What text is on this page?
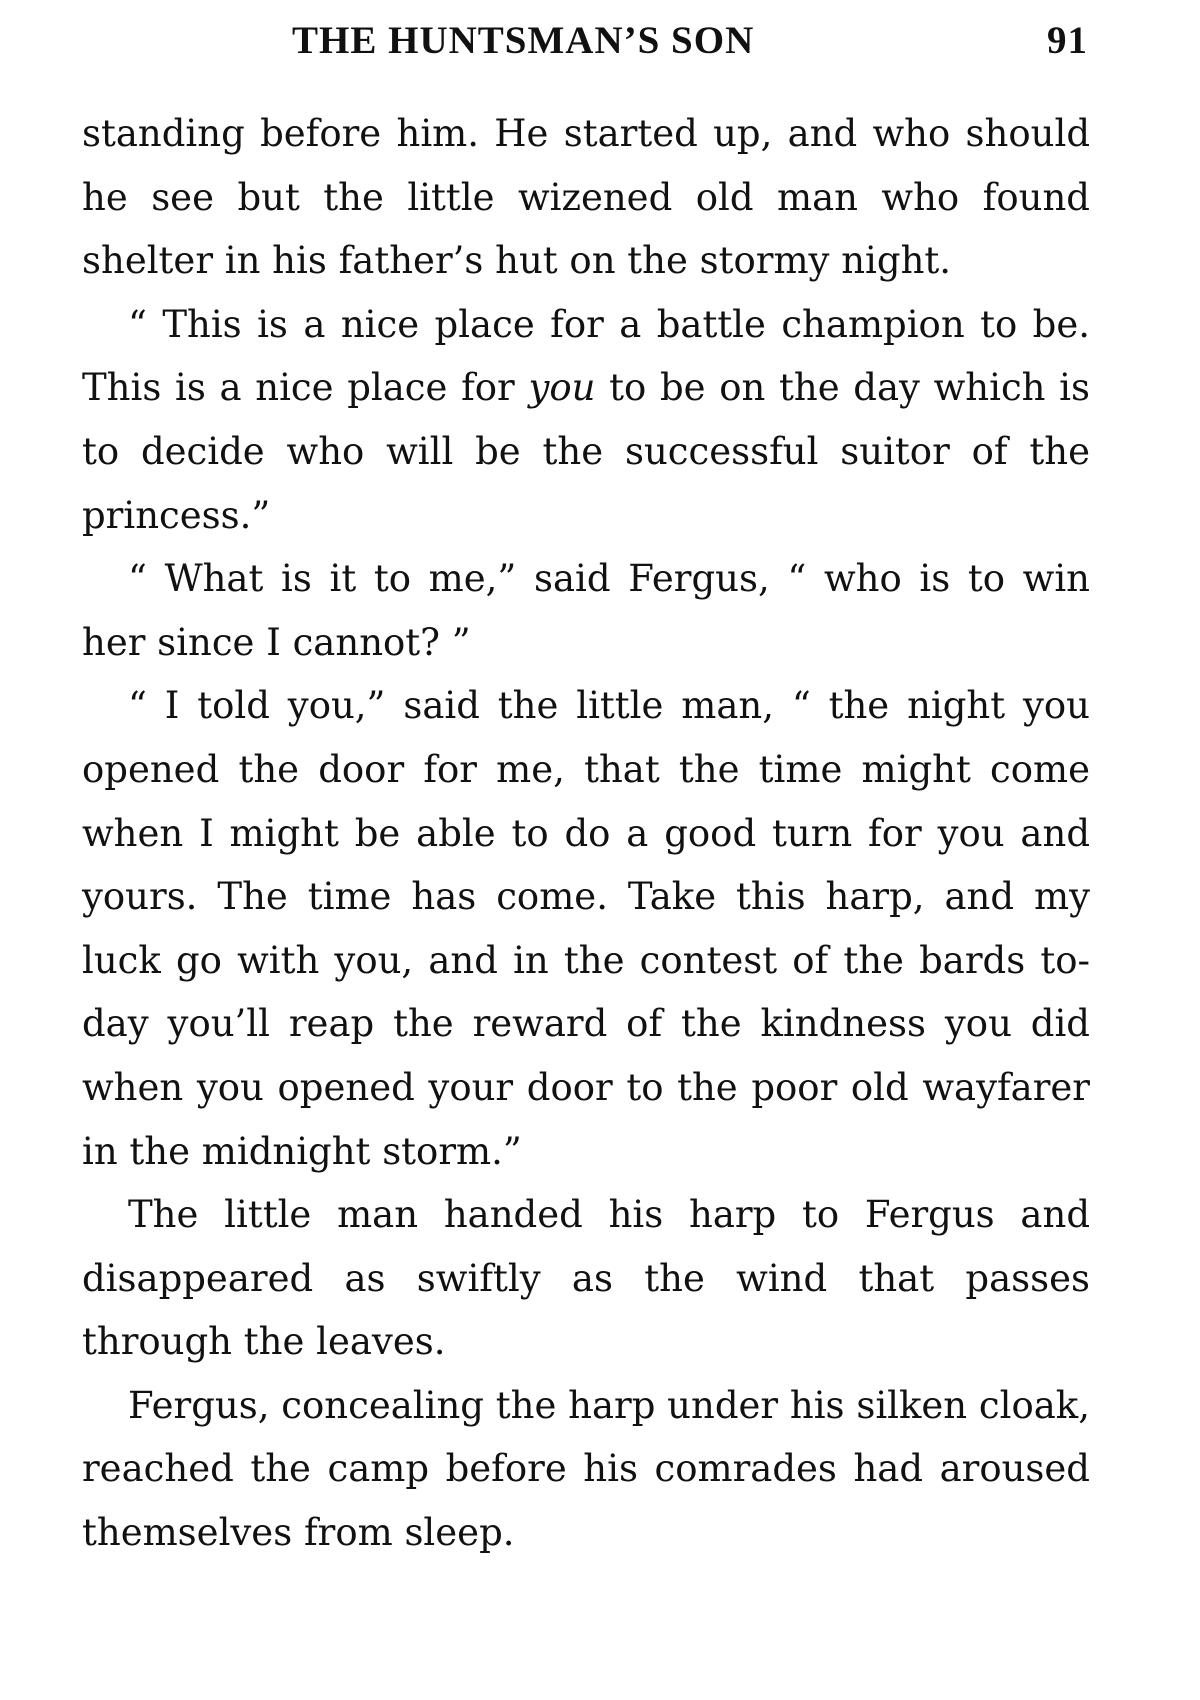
THE HUNTSMAN’S SON	91

standing before him. He started up, and who should he see but the little wizened old man who found shelter in his father’s hut on the stormy night.

“ This is a nice place for a battle champion to be. This is a nice place for you to be on the day which is to decide who will be the successful suitor of the princess.”

“ What is it to me,” said Fergus, “ who is to win her since I cannot? ”

“ I told you,” said the little man, “ the night you opened the door for me, that the time might come when I might be able to do a good turn for you and yours. The time has come. Take this harp, and my luck go with you, and in the contest of the bards to-day you’ll reap the reward of the kindness you did when you opened your door to the poor old wayfarer in the midnight storm.”

The little man handed his harp to Fergus and disappeared as swiftly as the wind that passes through the leaves.

Fergus, concealing the harp under his silken cloak, reached the camp before his comrades had aroused themselves from sleep.
